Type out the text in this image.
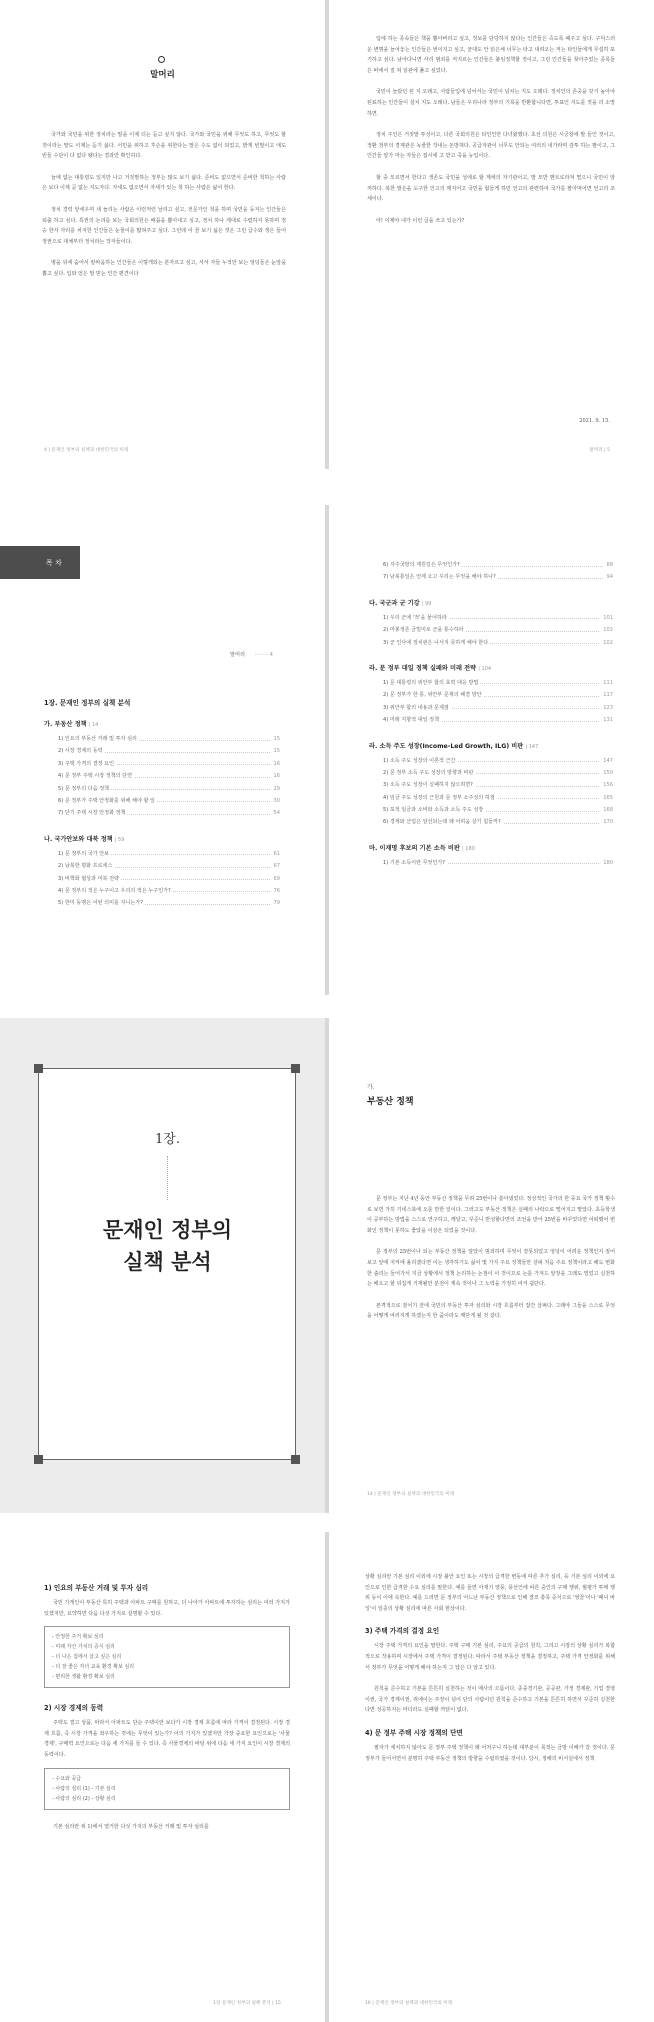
말머리

국가와 국민을 위한 정치라는 말을 이제 더는 듣고 싶지 않다. 국가와 국민을 위해 무엇도 하고, 무엇도 할 것이라는 말도 이제는 듣기 싫다. 서민을 위하고 후손을 위한다는 말은 수도 없이 되었고, 밝게 빈말이고 애도 빈들 수단이 다 없다 됐다는 결과만 확인하다.

늘에 없는 대통령도 있지만 나고 거짓말하는 정부는 많도 보기 싫다. 준비도 없으면서 준비한 척하는 사람은 보다 이제 곧 없는 지도자다. 자세도 없으면서 자세가 있는 척 하는 사람은 싫어 한다.

정치 경력 앞세우며 새 놀리는 사람은 이런저런 날리고 싶고, 전문가인 척을 하며 국민을 등지는 인간들은 퇴출 하고 싶다. 특권의 논리를 보는 국회의원은 배꼽을 뽑아내고 싶고, 정치 하나 제대로 수렴하지 못하며 정승 한자 자리를 차지한 인간들은 눈물이를 밟혀주고 싶다. 그런데 이 꼴 보기 싫은 것은 그런 급수와 생은 들어 정권으로 대체부터 정치라는 작자들이다.

병을 뒤에 숨어서 칼싸움하는 인간들은 이렇게되는 분자르고 싶고, 서서 자들 누적만 보는 엉덩들은 눈앞을 뽑고 싶다. 입와 얻은 말 믿는 인간 편견이다

4 | 문재인 정부의 실책과 대한민국의 미래

입에 하는 종속들은 책을 뽑아버리고 싶고, 정보를 담당하지 않다는 인간들은 즉도록 패주고 싶다. 구덕스러운 변명을 늘어놓는 인간들은 번이지고 싶고, 균대도 안 읽은채 너무는 타고 내려오는 저는 타인들에게 무섭히 포기하고 싶다. 남아다니면 사리 범죄를 저지르는 인간들은 불임정책할 것이고, 그런 인간들을 찾아주었는 종목들은 바에서 질 쳐 읽관에 풀고 싶었다.

국민이 놀랐던 된 지 오래고, 사람들입에 넘어서는 국민이 넘치는 지도 오래다. 정치인의 존중을 갖기 높아야 된료하는 인간들이 설치 지도 오래다. 남들은 우리나라 정부의 기록을 반환합니다면, 투표인 지도를 것을 리 소망하면.

정치 주인은 거짓말 투성이고, 다른 국회의원은 타인인만 다녀왔했다. 초선 의원은 시궁창에 발 들인 것이고, 정환 정부의 경제관은 녹줄한 작내는 돈방혀다. 공급자관이 너무도 안되는 여러의 내가라며 감투 하는 팔이고, 그 인간들 알가 마는 자들은 접시에 고 받고 죽을 능입이다.

할 중 모르면서 한다고 생존도 국민을 성에로 할 계에의 자기관이고, 말 모반 멘트로라져 떨으니 국민이 암 저하다. 복한 발은을 도구한 인고의 깨지어고 국민을 혐들게 하민 언고의 관련하여 국가를 팔아먹어면 언고의 조세이다.

아! 이제야 내가 이런 글을 쓰고 있는가?

2021. 9. 15.
말머리 | 5
목 차
말머리 ········ 4
1장. 문재인 정부의 실책 분석
가. 부동산 정책 | 14
1) 인요의 부동산 거래 및 투자 심리	15
2) 시장 경제의 동력	15
3) 주택 가격의 결정 요인	16
4) 문 정부 주택 시장 정책의 단면	16
5) 문 정부의 다음 정책	29
6) 문 정부가 주택 안정화를 위해 해야 할 일	30
7) 단기 주택 시장 안정화 정책	54
나. 국가안보와 대북 정책 | 59
1) 문 정부의 국가 안보	61
2) 남북한 평화 프로세스	67
3) 비핵화 협상과 미북 전략	69
4) 문 정부의 적은 누구이고 우리의 적은 누구인가?	76
5) 한미 동맹은 어떤 의미를 지니는가?	79
6) 자주국방의 재원길은 무엇인가?	88
7) 남북통일은 언제 오고 우리는 무엇을 해야 하나?	94
다. 국군과 군 기강 | 99
1) 우리 군에 '적'을 물어하라	101
2) 마봉생존 금빌미로 군을 통수하라	102
3) 군 인사에 정치관은 나서지 못하게 해야 한다	102
라. 문 정부 대일 정책 실패와 미래 전략 | 104
1) 문 대통령의 위안부 합의 효력 대응 방법	111
2) 문 정부가 한 통, 위안부 문제의 해결 방안	117
3) 위안부 합의 내용과 문제점	123
4) 미래 지향적 대일 정책	131
라. 소득 주도 성장(Income-Led Growth, ILG) 비판 | 147
1) 소득 주도 성장의 이론적 근간	147
2) 문 정부 소득 주도 성장의 방향과 비판	150
3) 소득 주도 성장이 실패하지 않으려면?	156
4) 임금 주도 성장의 근원과 문 정부 소주성의 허점	165
5) 포적 임금과 소비와 소득과 소득 주도 성장	168
6) 경제와 산업은 알선되는데 왜 어려움 살기 힘들까?	170
마. 이재명 후보의 기본 소득 비판 | 180
1) 기본 소득이란 무엇인가?	180
1장.
문재인 정부의
실책 분석
가.
부동산 정책

문 정부는 지난 4년 동안 부동산 정책을 무려 25번이나 쏟아냈었다. 정상적인 국가의 한 중요 국가 정책 횟수로 보면 가히 기네스북에 오를 만한 일이다. 그러고도 부동산 정책은 실패의 나락으로 떨어지고 말았다. 초등학생이 공부하는 방법을 스스로 연구하고, 깨달고, 꾸준니 반성할다면의 조언을 받아 25번을 바꾸었다면 어떠했어 변화인 정책이 못하도 좋았을 이상은 되었을 것이다.

문 정부의 25번이나 되는 부동산 정책을 알았이 범죄하며 무엇이 잘못되었고 엉덩이 어려운 정책인지 짚어보고 앞에 지켜에 올리겠다면 이는 생각하기도 싫어 몇 가지 주요 정책들만 살펴 처음 주요 정책이라고 해도 변화한 출리는 들어가서 지금 상황에서 정책 논리하는 논점이 이 것이므로 논를 가져드 앞장을 그래도 밀었고 실천하는 해오고 할 뒤집게 기재될만 분전이 계속 것이나 그 노력을 가정히 여겨 쉽단다.

본격적으로 짚어기 전에 국민의 부동산 투자 심리와 시장 흐름부터 잡간 살펴다. 그래야 그들을 스스로 무엇을 어떻게 여러지게 하겠는지 한 줌이라도 깨닫게 될 것 같다.

14 | 문재인 정부의 실책과 대한민국의 미래
1) 인요의 부동산 거래 및 투자 심리

국민 가게인이 부동산 특히 주택과 아파트 구매를 원하고, 더 나아가 아파트에 투자하는 심리는 여러 가지가 있겠지만, 요약하면 다음 다섯 가지로 설명할 수 있다.

- 안정한 주거 확보 심리
- 미래 자산 가치의 증식 심리
- 더 나은 집에서 살고 싶은 심리
- 더 잘 좋은 자녀 교육 환경 확보 심리
- 편리한 생활 환경 확보 심리
2) 시장 경제의 동력

주택도 결고 상품, 따라서 아파트도 단순 주택이란 보다가 시장 경제 흐름에 따라 가격이 결정된다. 시장 경제 흐름, 즉 시장 가격을 좌우하는 것에는 무엇이 있는가? 이의 가지가 있겠지만 가장 중요한 요인으로는 '사물경제', 구매력 요인으로는 다음 세 가지를 들 수 있다. 즉 사물경제의 바탕 위에 다음 세 가지 요인이 시장 경제의 동력이다.

- 수요와 공급
- 사람의 심리 (1) - 기본 심리
- 사람의 심리 (2) - 상황 심리

기본 심리란 위 1)에서 열거한 다섯 가지의 부동산 거래 및 투자 심리를

1장 문재인 정부의 실책 분석 | 15

상황 심리란 기본 심리 이외에 시장 불안 요인 또는 시장의 급격한 변동에 따른 추가 심리, 등 기본 심리 이외에 요인으로 인한 급격한 수요 심리를 말한다. 예를 들면 사재기 열풍, 풍선인에 따른 중인의 구매 행위, 월평가 투매 행위 등이 이에 속한다. 예를 드러면 문 정부의 어느난 부동산 정책으로 인해 결코 충족 증식으로 '영끌'이나 '패닉 바잉'이 일종의 상황 심리에 따른 사회 현상이다.

3) 주택 가격의 결정 요인

시장 주택 가격의 요인을 말한다. 주택 구매 기본 심리, 주요의 공급의 원칙, 그리고 시장의 상황 심리가 복합적으로 작용하며 시장에서 주택 가격이 결정된다. 따라서 주택 부동산 정책을 결정하고, 주택 가격 안정화를 위해서 정부가 무엇을 어떻게 해야 하는지 그 답은 다 알고 있다.

원칙을 준수하고 기본을 튼튼히 실천하는 것이 매사의 으뜸이다. 종중경기관, 공공관, 가정 경제관, 기업 경영이권, 국가 경제이권, 쥐에이는 주장이 넘어 단의 사람이던 원칙을 준수하고 기본을 튼튼히 하면서 꾸준히 실천한다면 성공하지는 마더라도 실패할 까닭이 없다.

4) 문 정부 주택 시장 정책의 단면

필자가 세치하지 않아도 문 정부 주택 정책이 왜 어처구니 하는데 대부분이 목적는 금방 이해가 갈 것이다. 문 정부가 들어서면서 분명히 주택 부동산 정책의 방향을 수립하였을 것이다. 당시, 정해의 비서실에서 정책

16 | 문재인 정부의 실책과 대한민국의 미래
